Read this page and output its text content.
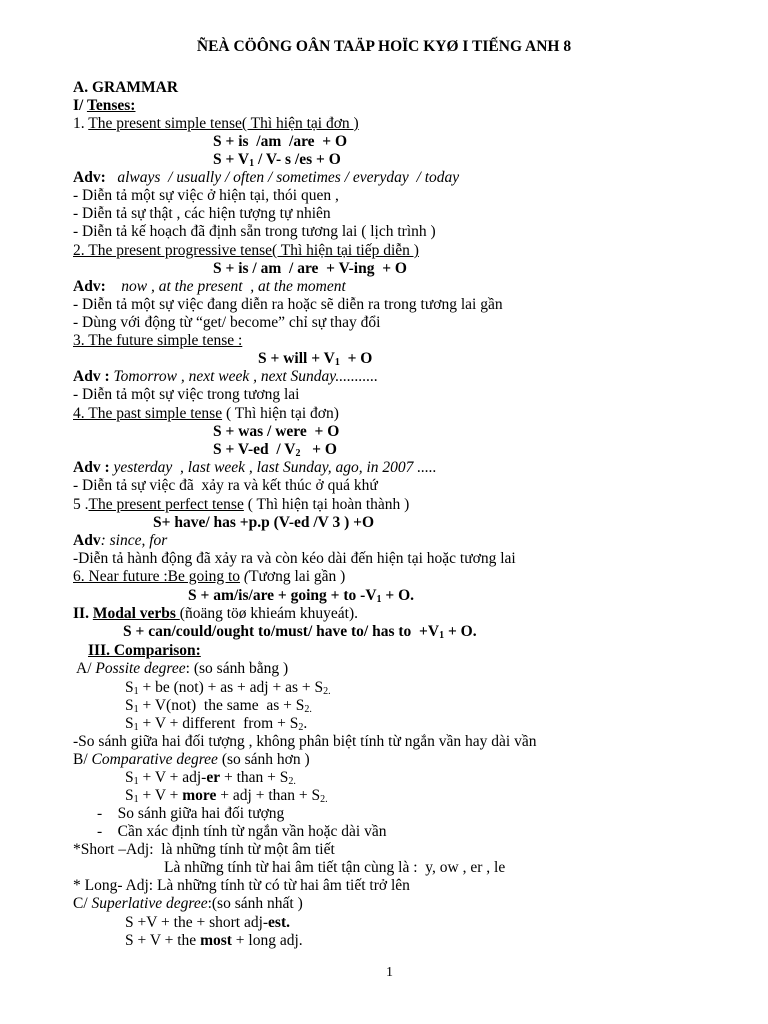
ÑEÀ CÖÔNG OÂN TAÄP HOÏC KYØ I TIẾNG ANH 8
A. GRAMMAR
I/ Tenses:
1. The present simple tense( Thì hiện tại đơn )
S + is  /am  /are  + O
$S + V_1 / V-$ s /es + O
Adv:   always  / usually / often / sometimes / everyday  / today
- Diễn tả một sự việc ở hiện tại, thói quen ,
- Diễn tả sự thật , các hiện tượng tự nhiên
- Diễn tả kế hoạch đã định sẵn trong tương lai ( lịch trình )
2. The present progressive tense( Thì hiện tại tiếp diễn )
S + is / am  / are  + V-ing  + O
Adv:    now , at the present  , at the moment
- Diễn tả một sự việc đang diễn ra hoặc sẽ diễn ra trong tương lai gần
- Dùng với động từ “get/ become” chỉ sự thay đổi
3. The future simple tense :
S + will + $V_1 + O$
Adv : Tomorrow , next week , next Sunday...........
- Diễn tả một sự việc trong tương lai
4. The past simple tense ( Thì hiện tại đơn)
S + was / were  + O
$S + V-ed / V_2 + O$
Adv : yesterday  , last week , last Sunday, ago, in 2007 .....
- Diễn tả sự việc đã  xảy ra và kết thúc ở quá khứ
5 .The present perfect tense ( Thì hiện tại hoàn thành )
S+ have/ has +p.p (V-ed /V 3 ) +O
Adv: since, for
-Diễn tả hành động đã xảy ra và còn kéo dài đến hiện tại hoặc tương lai
6. Near future :Be going to (Tương lai gần )
S + am/is/are + going + to $-V_1 + O$.
II. Modal verbs (ñoäng töø khieám khuyeát).
S + can/could/ought to/must/ have to/ has to  $+V_1 + O$.
III. Comparison:
A/ Possite degree: (so sánh bằng )
$S_1$ + be (not) + as + adj + as + $S_{2.}$
$S_1 + V(not)$  the same  as + $S_{2.}$
$S_1 + V$ + different  from + $S_2$.
-So sánh giữa hai đối tượng , không phân biệt tính từ ngắn vần hay dài vần
B/ Comparative degree (so sánh hơn )
$S_1 + V + adj-er$ + than + $S_{2.}$
$S_1 + V$ + more + adj + than + $S_{2.}$
-    So sánh giữa hai đối tượng
-    Cần xác định tính từ ngắn vần hoặc dài vần
*Short –Adj:  là những tính từ một âm tiết
Là những tính từ hai âm tiết tận cùng là :  y, ow , er , le
* Long- Adj: Là những tính từ có từ hai âm tiết trở lên
C/ Superlative degree:(so sánh nhất )
S +V + the + short adj-est.
S + V + the most + long adj.
1
